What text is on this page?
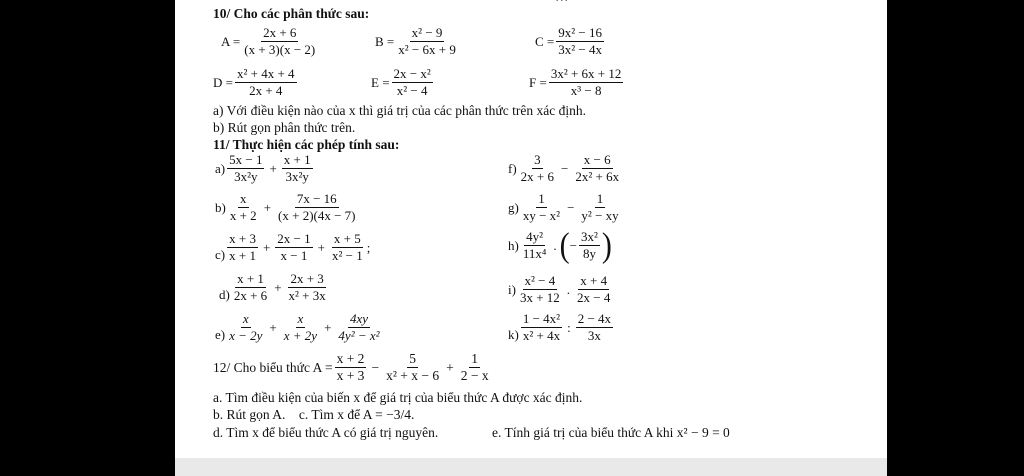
10/ Cho các phân thức sau:
$A = \frac{2x + 6}{(x + 3)(x - 2)}$	$B = \frac{\text{x² − 9}}{\text{x² − 6x + 9}}$	$C = \frac{\text{9x² − 16}}{\text{3x² − 4x}}$
$D = \frac{\text{x² + 4x + 4}}{2x + 4}$	$E = \frac{\text{2x − x²}}{\text{x² − 4}}$	$F = \frac{\text{3x² + 6x + 12}}{\text{x³ − 8}}$
a) Với điều kiện nào của x thì giá trị của các phân thức trên xác định.
b) Rút gọn phân thức trên.
11/ Thực hiện các phép tính sau:
$a) \frac{5x - 1}{\text{3x²y}} + \frac{x + 1}{\text{3x²y}}$
$b) \frac{x}{x + 2} + \frac{7x - 16}{(x + 2)(4x - 7)}$
$c) \frac{x + 3}{x + 1} + \frac{2x - 1}{x - 1} + \frac{x + 5}{\text{x² − 1}}$ ;
$d) \frac{x + 1}{2x + 6} + \frac{2x + 3}{\text{x² + 3x}}$
$e) \frac{x}{x - 2y} + \frac{x}{x + 2y} + \frac{4xy}{\text{4y² − x²}}$
$f) \frac{3}{2x + 6} - \frac{x - 6}{\text{2x² + 6x}}$
$g) \frac{1}{\text{xy − x²}} - \frac{1}{\text{y² − xy}}$
$h) \frac{\text{4y²}}{\text{11x⁴}}$ . ( − $\frac{\text{3x²}}{8y}$ )
$i) \frac{\text{x² − 4}}{3x + 12}$ . $\frac{x + 4}{2x - 4}$
$k) \frac{\text{1 − 4x²}}{\text{x² + 4x}}$ : $\frac{2 - 4x}{3x}$
12/ Cho biểu thức $A = \frac{x + 2}{x + 3} - \frac{5}{\text{x² + x − 6}} + \frac{1}{2 - x}$
a. Tìm điều kiện của biến x để giá trị của biểu thức A được xác định.
b. Rút gọn A.    c. Tìm x để A = −3/4.
d. Tìm x để biểu thức A có giá trị nguyên.	e. Tính giá trị của biểu thức A khi x² − 9 = 0
